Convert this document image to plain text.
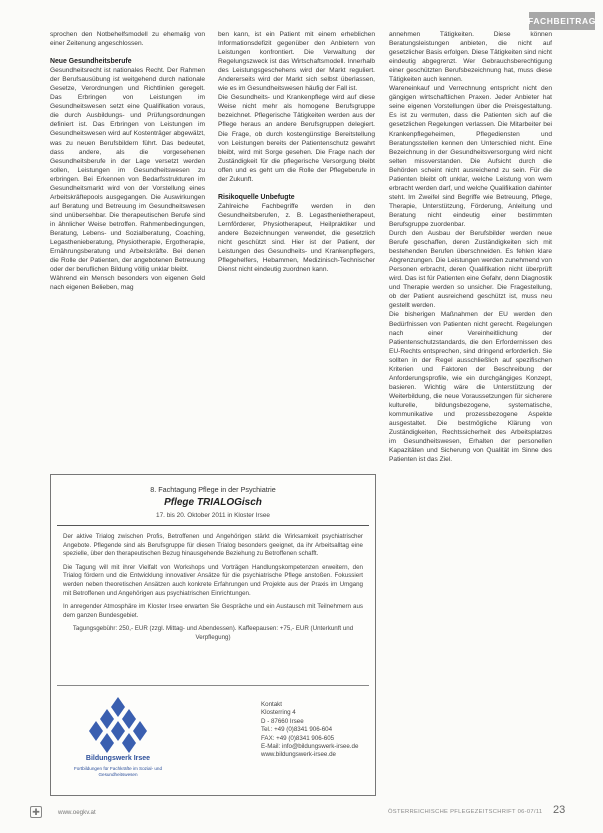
FACHBEITRAG

sprochen den Notbehelfsmodell zu ehemalig von einer Zeitenung angeschlossen.

Neue Gesundheitsberufe

Gesundheitsrecht ist nationales Recht. Der Rahmen der Berufsausübung ist weitgehend durch nationale Gesetze, Verordnungen und Richtlinien geregelt. Das Erbringen von Leistungen im Gesundheitswesen setzt eine Qualifikation voraus, die durch Ausbildungs- und Prüfungsordnungen definiert ist. Das Erbringen von Leistungen im Gesundheitswesen wird auf Kostenträger abgewälzt, was zu neuen Berufsbildern führt. Das bedeutet, dass andere, als die vorgesehenen Gesundheitsberufe in der Lage versetzt werden sollen, Leistungen im Gesundheitswesen zu erbringen. Bei Erkennen von Bedarfsstrukturen im Gesundheitsmarkt wird von der Vorstellung eines Arbeitskräftepools ausgegangen. Die Auswirkungen auf Beratung und Betreuung im Gesundheitswesen sind unübersehbar. Die therapeutischen Berufe sind in ähnlicher Weise betroffen. Rahmenbedingungen, Beratung, Lebens- und Sozialberatung, Coaching, Legasthenieberatung, Physiotherapie, Ergotherapie, Ernährungsberatung und Arbeitskräfte. Bei denen die Rolle der Patienten, der angebotenen Betreuung oder der beruflichen Bildung völlig unklar bleibt.

Während ein Mensch besonders von eigenen Geld nach eigenen Belieben, mag

ben kann, ist ein Patient mit einem erheblichen Informationsdefizit gegenüber den Anbietern von Leistungen konfrontiert. Die Verwaltung der Regelungszweck ist das Wirtschaftsmodell. Innerhalb des Leistungsgeschehens wird der Markt reguliert. Andererseits wird der Markt sich selbst überlassen, wie es im Gesundheitswesen häufig der Fall ist.

Die Gesundheits- und Krankenpflege wird auf diese Weise nicht mehr als homogene Berufsgruppe bezeichnet. Pflegerische Tätigkeiten werden aus der Pflege heraus an andere Berufsgruppen delegiert. Die Frage, ob durch kostengünstige Bereitstellung von Leistungen bereits der Patientenschutz gewahrt bleibt, wird mit Sorge gesehen. Die Frage nach der Zuständigkeit für die pflegerische Versorgung bleibt offen und es geht um die Rolle der Pflegeberufe in der Zukunft.

Risikoquelle Unbefugte

Zahlreiche Fachbegriffe werden in den Gesundheitsberufen, z. B. Legasthenietherapeut, Lernförderer, Physiotherapeut, Heilpraktiker und andere Bezeichnungen verwendet, die gesetzlich nicht geschützt sind. Hier ist der Patient, der Leistungen des Gesundheits- und Krankenpflegers, Pflegehelfers, Hebammen, Medizinisch-Technischer Dienst nicht eindeutig zuordnen kann.

annehmen Tätigkeiten. Diese können Beratungsleistungen anbieten, die nicht auf gesetzlicher Basis erfolgen. Diese Tätigkeiten sind nicht eindeutig abgegrenzt. Wer Gebrauchsberechtigung einer geschützten Berufsbezeichnung hat, muss diese Tätigkeiten auch kennen.

Wareneinkauf und Verrechnung entspricht nicht den gängigen wirtschaftlichen Praxen. Jeder Anbieter hat seine eigenen Vorstellungen über die Preisgestaltung. Es ist zu vermuten, dass die Patienten sich auf die gesetzlichen Regelungen verlassen. Die Mitarbeiter bei Krankenpflegeheimen, Pflegediensten und Beratungsstellen kennen den Unterschied nicht. Eine Bezeichnung in der Gesundheitsversorgung wird nicht selten missverstanden. Die Aufsicht durch die Behörden scheint nicht ausreichend zu sein. Für die Patienten bleibt oft unklar, welche Leistung von wem erbracht werden darf, und welche Qualifikation dahinter steht. Im Zweifel sind Begriffe wie Betreuung, Pflege, Therapie, Unterstützung, Förderung, Anleitung und Beratung nicht eindeutig einer bestimmten Berufsgruppe zuordenbar.

Durch den Ausbau der Berufsbilder werden neue Berufe geschaffen, deren Zuständigkeiten sich mit bestehenden Berufen überschneiden. Es fehlen klare Abgrenzungen. Die Leistungen werden zunehmend von Personen erbracht, deren Qualifikation nicht überprüft wird. Das ist für Patienten eine Gefahr, denn Diagnostik und Therapie werden so unsicher. Die Fragestellung, ob der Patient ausreichend geschützt ist, muss neu gestellt werden.

Die bisherigen Maßnahmen der EU werden den Bedürfnissen von Patienten nicht gerecht. Regelungen nach einer Vereinheitlichung der Patientenschutzstandards, die den Erfordernissen des EU-Rechts entsprechen, sind dringend erforderlich. Sie sollten in der Regel ausschließlich auf spezifischen Kriterien und Faktoren der Beschreibung der Anforderungsprofile, wie ein durchgängiges Konzept, basieren. Wichtig wäre die Unterstützung der Weiterbildung, die neue Voraussetzungen für sicherere kulturelle, bildungsbezogene, systematische, kommunikative und prozessbezogene Aspekte ausgestaltet. Die bestmögliche Klärung von Zuständigkeiten, Rechtssicherheit des Arbeitsplatzes im Gesundheitswesen, Erhalten der personellen Kapazitäten und Sicherung von Qualität im Sinne des Patienten ist das Ziel.

8. Fachtagung Pflege in der Psychiatrie
Pflege TRIALOGisch
17. bis 20. Oktober 2011 in Kloster Irsee

Der aktive Trialog zwischen Profis, Betroffenen und Angehörigen stärkt die Wirksamkeit psychiatrischer Angebote. Pflegende sind als Berufsgruppe für diesen Trialog besonders geeignet, da ihr Arbeitsalltag eine spezielle, über den therapeutischen Bezug hinausgehende Beziehung zu Betroffenen schafft.

Die Tagung will mit ihrer Vielfalt von Workshops und Vorträgen Handlungskompetenzen erweitern, den Trialog fördern und die Entwicklung innovativer Ansätze für die psychiatrische Pflege anstoßen. Fokussiert werden neben theoretischen Ansätzen auch konkrete Erfahrungen und Projekte aus der Praxis im Umgang mit Betroffenen und Angehörigen aus psychiatrischen Einrichtungen.

In anregender Atmosphäre im Kloster Irsee erwarten Sie Gespräche und ein Austausch mit Teilnehmern aus dem ganzen Bundesgebiet.

Tagungsgebühr: 250,- EUR (zzgl. Mittag- und Abendessen). Kaffeepausen: +75,- EUR (Unterkunft und Verpflegung)

Bildungswerk Irsee
Fortbildungen für Fachkräfte im Sozial- und Gesundheitswesen
Kontakt
Klosterring 4
D - 87660 Irsee
Tel.: +49 (0)8341 906-604
FAX: +49 (0)8341 906-605
E-Mail: info@bildungswerk-irsee.de
www.bildungswerk-irsee.de
✚	www.oegkv.at	ÖSTERREICHISCHE PFLEGEZEITSCHRIFT 06-07/11 23
